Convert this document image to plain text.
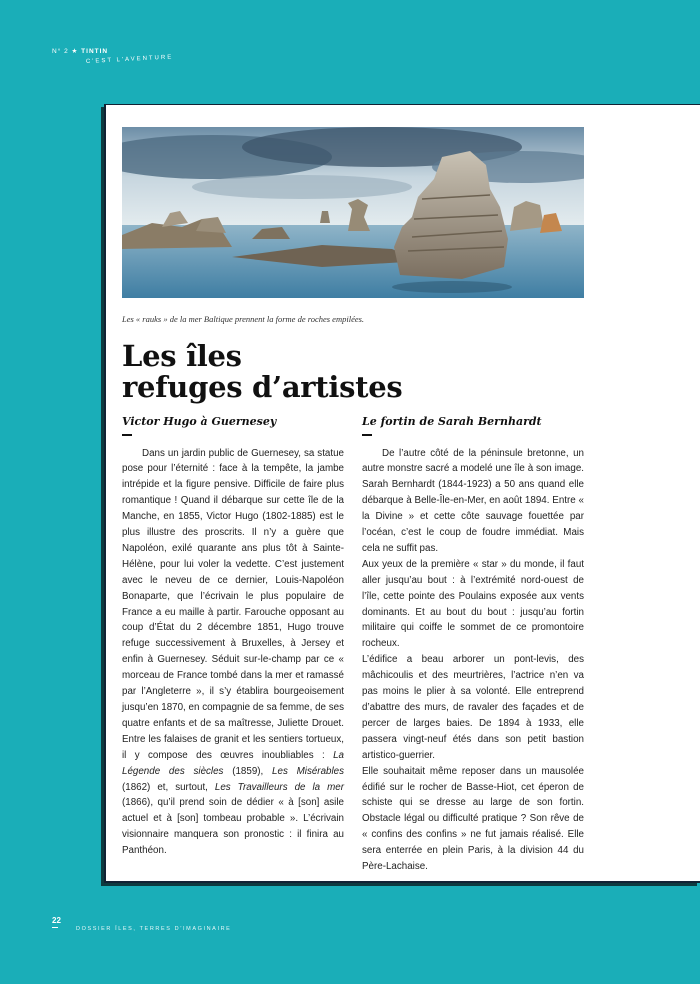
N° 2 ★ TINTIN
C'EST L'AVENTURE
Les « rauks » de la mer Baltique prennent la forme de roches empilées.
Les îles
refuges d’artistes
Victor Hugo à Guernesey

Dans un jardin public de Guernesey, sa statue pose pour l’éternité : face à la tempête, la jambe intrépide et la figure pensive. Difficile de faire plus romantique ! Quand il débarque sur cette île de la Manche, en 1855, Victor Hugo (1802-1885) est le plus illustre des proscrits. Il n’y a guère que Napoléon, exilé quarante ans plus tôt à Sainte-Hélène, pour lui voler la vedette. C’est justement avec le neveu de ce dernier, Louis-Napoléon Bonaparte, que l’écrivain le plus populaire de France a eu maille à partir. Farouche opposant au coup d’État du 2 décembre 1851, Hugo trouve refuge successivement à Bruxelles, à Jersey et enfin à Guernesey. Séduit sur-le-champ par ce « morceau de France tombé dans la mer et ramassé par l’Angleterre », il s’y établira bourgeoisement jusqu’en 1870, en compagnie de sa femme, de ses quatre enfants et de sa maîtresse, Juliette Drouet. Entre les falaises de granit et les sentiers tortueux, il y compose des œuvres inoubliables : La Légende des siècles (1859), Les Misérables (1862) et, surtout, Les Travailleurs de la mer (1866), qu’il prend soin de dédier « à [son] asile actuel et à [son] tombeau probable ». L’écrivain visionnaire manquera son pronostic : il finira au Panthéon.

Le fortin de Sarah Bernhardt

De l’autre côté de la péninsule bretonne, un autre monstre sacré a modelé une île à son image. Sarah Bernhardt (1844-1923) a 50 ans quand elle débarque à Belle-Île-en-Mer, en août 1894. Entre « la Divine » et cette côte sauvage fouettée par l’océan, c’est le coup de foudre immédiat. Mais cela ne suffit pas.

Aux yeux de la première « star » du monde, il faut aller jusqu’au bout : à l’extrémité nord-ouest de l’île, cette pointe des Poulains exposée aux vents dominants. Et au bout du bout : jusqu’au fortin militaire qui coiffe le sommet de ce promontoire rocheux.

L’édifice a beau arborer un pont-levis, des mâchicoulis et des meurtrières, l’actrice n’en va pas moins le plier à sa volonté. Elle entreprend d’abattre des murs, de ravaler des façades et de percer de larges baies. De 1894 à 1933, elle passera vingt-neuf étés dans son petit bastion artistico-guerrier.

Elle souhaitait même reposer dans un mausolée édifié sur le rocher de Basse-Hiot, cet éperon de schiste qui se dresse au large de son fortin. Obstacle légal ou difficulté pratique ? Son rêve de « confins des confins » ne fut jamais réalisé. Elle sera enterrée en plein Paris, à la division 44 du Père-Lachaise.

22
DOSSIER ÎLES, TERRES D’IMAGINAIRE
